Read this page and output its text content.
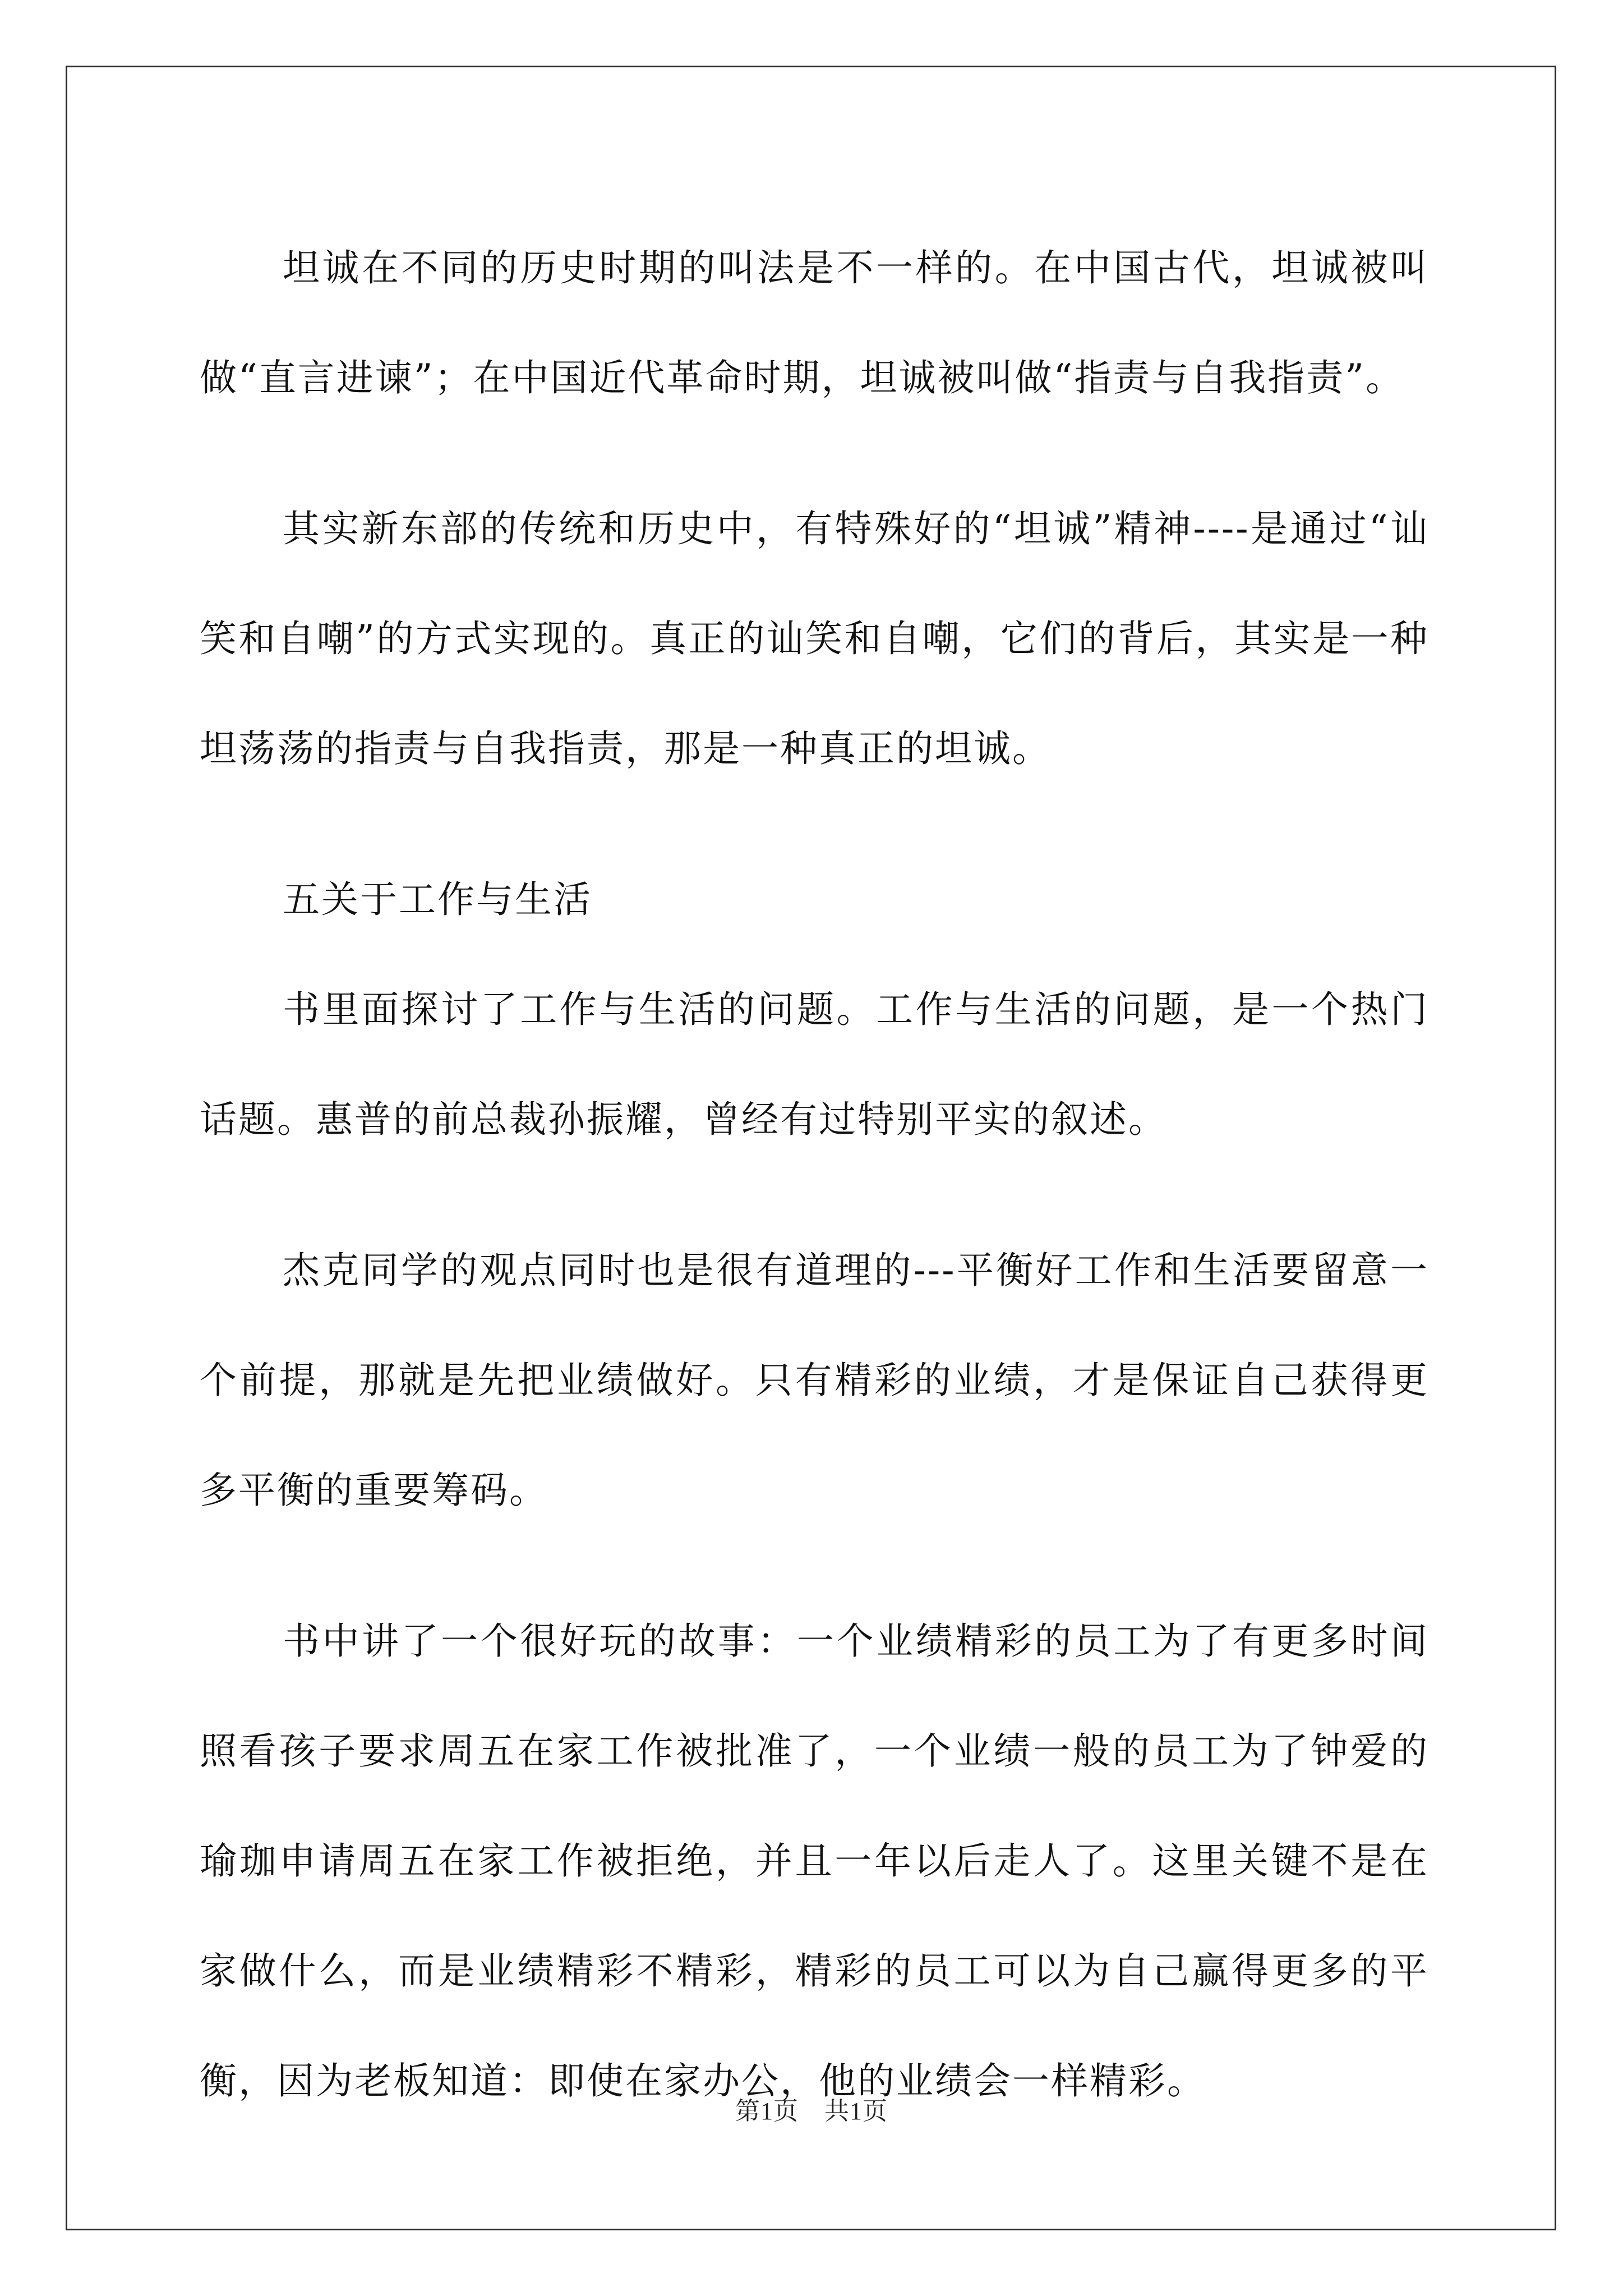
坦诚在不同的历史时期的叫法是不一样的。在中国古代，坦诚被叫做“直言进谏”；在中国近代革命时期，坦诚被叫做“指责与自我指责”。

其实新东部的传统和历史中，有特殊好的“坦诚”精神----是通过“讪笑和自嘲”的方式实现的。真正的讪笑和自嘲，它们的背后，其实是一种坦荡荡的指责与自我指责，那是一种真正的坦诚。

五关于工作与生活

书里面探讨了工作与生活的问题。工作与生活的问题，是一个热门话题。惠普的前总裁孙振耀，曾经有过特别平实的叙述。

杰克同学的观点同时也是很有道理的---平衡好工作和生活要留意一个前提，那就是先把业绩做好。只有精彩的业绩，才是保证自己获得更多平衡的重要筹码。

书中讲了一个很好玩的故事：一个业绩精彩的员工为了有更多时间照看孩子要求周五在家工作被批准了，一个业绩一般的员工为了钟爱的瑜珈申请周五在家工作被拒绝，并且一年以后走人了。这里关键不是在家做什么，而是业绩精彩不精彩，精彩的员工可以为自己赢得更多的平衡，因为老板知道：即使在家办公，他的业绩会一样精彩。

第1页 共1页
